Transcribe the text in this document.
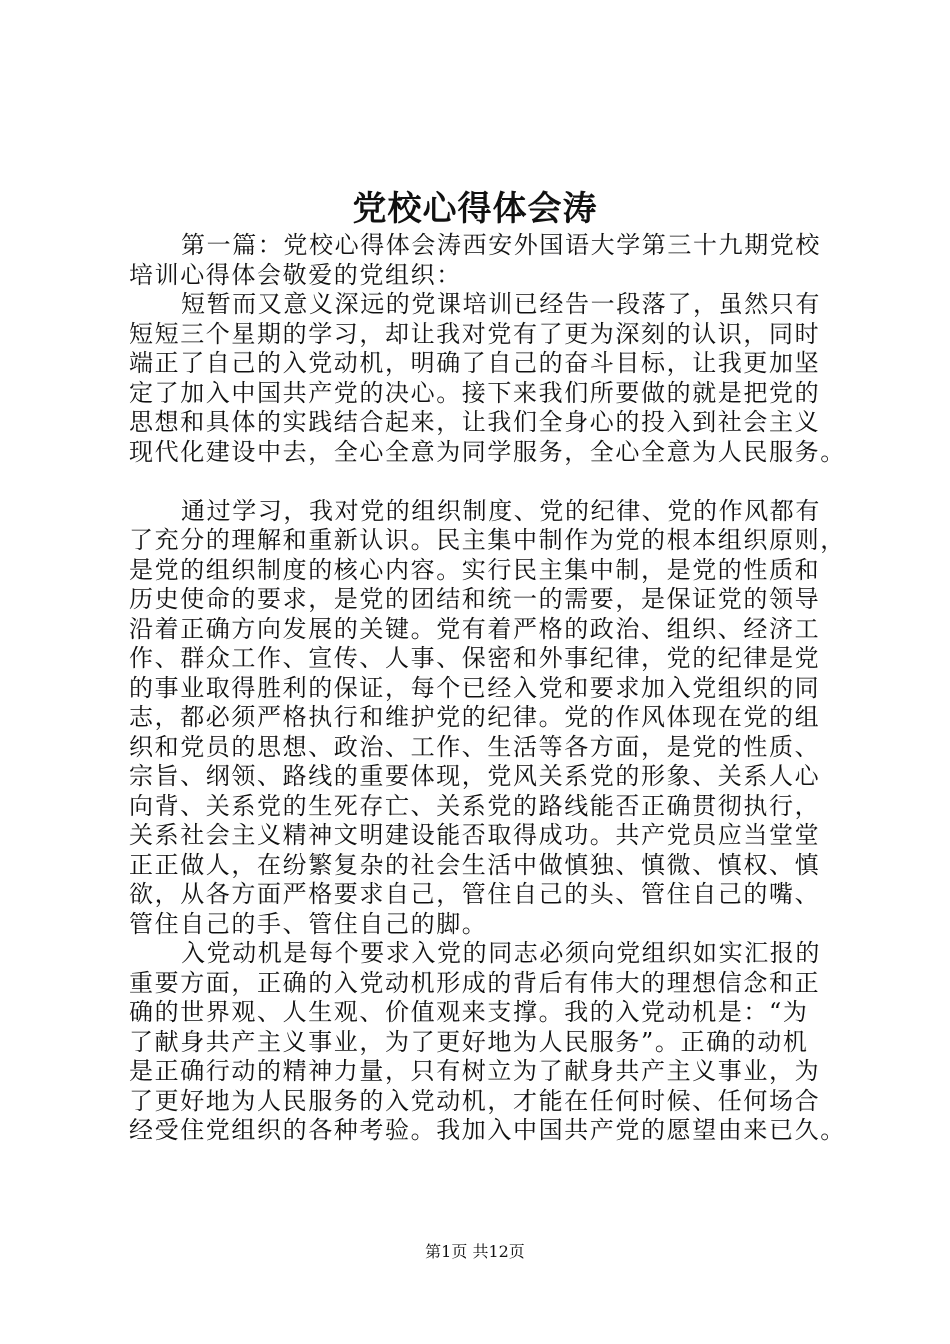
党校心得体会涛
第一篇：党校心得体会涛西安外国语大学第三十九期党校
培训心得体会敬爱的党组织：
短暂而又意义深远的党课培训已经告一段落了，虽然只有
短短三个星期的学习，却让我对党有了更为深刻的认识，同时
端正了自己的入党动机，明确了自己的奋斗目标，让我更加坚
定了加入中国共产党的决心。接下来我们所要做的就是把党的
思想和具体的实践结合起来，让我们全身心的投入到社会主义
现代化建设中去，全心全意为同学服务，全心全意为人民服务。
通过学习，我对党的组织制度、党的纪律、党的作风都有
了充分的理解和重新认识。民主集中制作为党的根本组织原则，
是党的组织制度的核心内容。实行民主集中制，是党的性质和
历史使命的要求，是党的团结和统一的需要，是保证党的领导
沿着正确方向发展的关键。党有着严格的政治、组织、经济工
作、群众工作、宣传、人事、保密和外事纪律，党的纪律是党
的事业取得胜利的保证，每个已经入党和要求加入党组织的同
志，都必须严格执行和维护党的纪律。党的作风体现在党的组
织和党员的思想、政治、工作、生活等各方面，是党的性质、
宗旨、纲领、路线的重要体现，党风关系党的形象、关系人心
向背、关系党的生死存亡、关系党的路线能否正确贯彻执行，
关系社会主义精神文明建设能否取得成功。共产党员应当堂堂
正正做人，在纷繁复杂的社会生活中做慎独、慎微、慎权、慎
欲，从各方面严格要求自己，管住自己的头、管住自己的嘴、
管住自己的手、管住自己的脚。
入党动机是每个要求入党的同志必须向党组织如实汇报的
重要方面，正确的入党动机形成的背后有伟大的理想信念和正
确的世界观、人生观、价值观来支撑。我的入党动机是：“为
了献身共产主义事业，为了更好地为人民服务”。正确的动机
是正确行动的精神力量，只有树立为了献身共产主义事业，为
了更好地为人民服务的入党动机，才能在任何时候、任何场合
经受住党组织的各种考验。我加入中国共产党的愿望由来已久。
第1页 共12页
